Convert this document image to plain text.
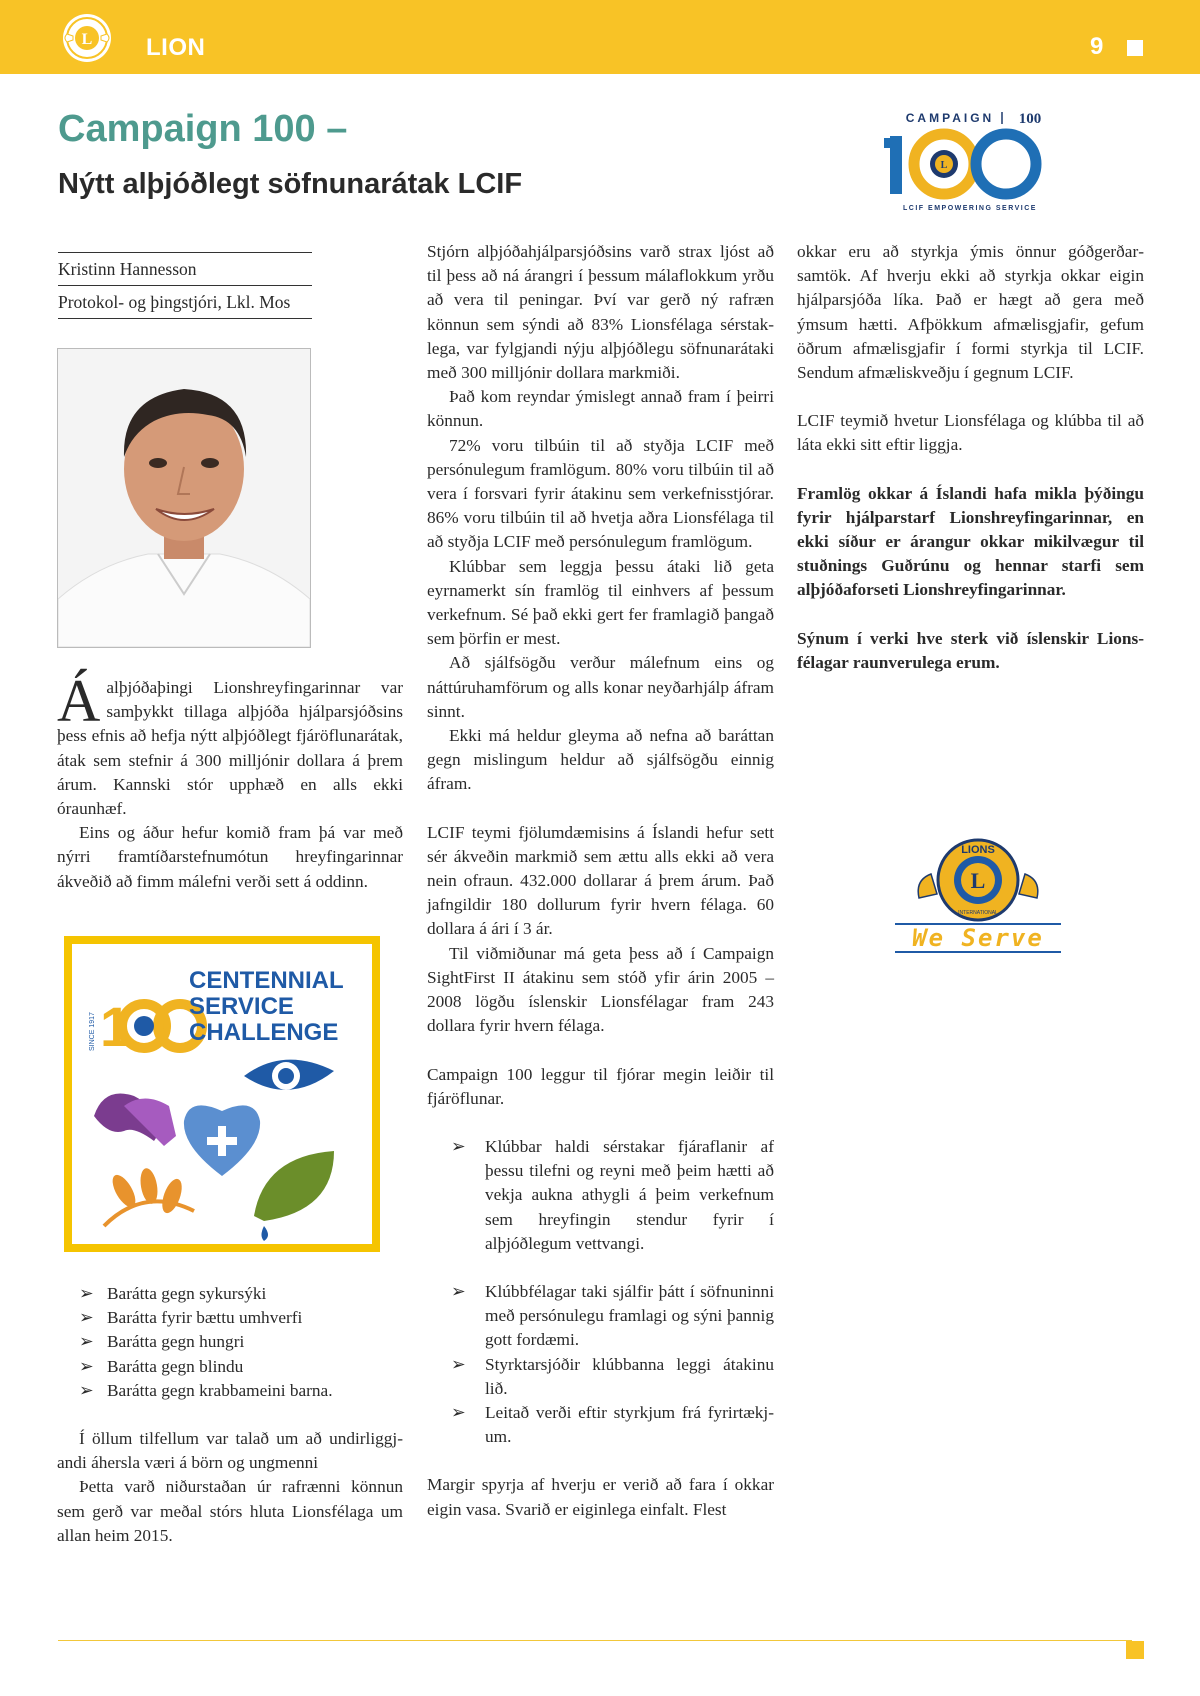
L LION	9
Campaign 100 –
Nýtt alþjóðlegt söfnunarátak LCIF
CAMPAIGN 100
L
LCIF EMPOWERING SERVICE
Kristinn Hannesson
Protokol- og þingstjóri, Lkl. Mos

Áalþjóðaþingi Lionshreyfingarinnar var samþykkt tillaga alþjóða hjálparsjóðsins þess efnis að hefja nýtt alþjóðlegt fjáröflunarátak, átak sem stefnir á 300 milljónir dollara á þrem árum. Kannski stór upphæð en alls ekki óraunhæf.

Eins og áður hefur komið fram þá var með nýrri framtíðarstefnumótun hreyfingarinnar ákveðið að fimm málefni verði sett á oddinn.

SINCE 1917 1
CENTENNIAL
SERVICE
CHALLENGE
➢ Barátta gegn sykursýki
➢ Barátta fyrir bættu umhverfi
➢ Barátta gegn hungri
➢ Barátta gegn blindu
➢ Barátta gegn krabbameini barna.

Í öllum tilfellum var talað um að undirliggjandi áhersla væri á börn og ungmenni

Þetta varð niðurstaðan úr rafrænni könnun sem gerð var meðal stórs hluta Lionsfélaga um allan heim 2015.

Stjórn alþjóðahjálparsjóðsins varð strax ljóst að til þess að ná árangri í þessum málaflokkum yrðu að vera til peningar. Því var gerð ný rafræn könnun sem sýndi að 83% Lionsfélaga sérstaklega, var fylgjandi nýju alþjóðlegu söfnunarátaki með 300 milljónir dollara markmiði.

Það kom reyndar ýmislegt annað fram í þeirri könnun.

72% voru tilbúin til að styðja LCIF með persónulegum framlögum. 80% voru tilbúin til að vera í forsvari fyrir átakinu sem verkefnisstjórar. 86% voru tilbúin til að hvetja aðra Lionsfélaga til að styðja LCIF með persónulegum framlögum.

Klúbbar sem leggja þessu átaki lið geta eyrnamerkt sín framlög til einhvers af þessum verkefnum. Sé það ekki gert fer framlagið þangað sem þörfin er mest.

Að sjálfsögðu verður málefnum eins og náttúruhamförum og alls konar neyðarhjálp áfram sinnt.

Ekki má heldur gleyma að nefna að baráttan gegn mislingum heldur að sjálfsögðu einnig áfram.

LCIF teymi fjölumdæmisins á Íslandi hefur sett sér ákveðin markmið sem ættu alls ekki að vera nein ofraun. 432.000 dollarar á þrem árum. Það jafngildir 180 dollurum fyrir hvern félaga. 60 dollara á ári í 3 ár.

Til viðmiðunar má geta þess að í Campaign SightFirst II átakinu sem stóð yfir árin 2005 – 2008 lögðu íslenskir Lionsfélagar fram 243 dollara fyrir hvern félaga.

Campaign 100 leggur til fjórar megin leiðir til fjáröflunar.

➢ Klúbbar haldi sérstakar fjáraflanir af þessu tilefni og reyni með þeim hætti að vekja aukna athygli á þeim verkefnum sem hreyfingin stendur fyrir í alþjóðlegum vettvangi.
➢ Klúbbfélagar taki sjálfir þátt í söfnuninni með persónulegu framlagi og sýni þannig gott fordæmi.
➢ Styrktarsjóðir klúbbanna leggi átakinu lið.
➢ Leitað verði eftir styrkjum frá fyrirtækjum.

Margir spyrja af hverju er verið að fara í okkar eigin vasa. Svarið er eiginlega einfalt. Flest

okkar eru að styrkja ýmis önnur góðgerðarsamtök. Af hverju ekki að styrkja okkar eigin hjálparsjóða líka. Það er hægt að gera með ýmsum hætti. Afþökkum afmælisgjafir, gefum öðrum afmælisgjafir í formi styrkja til LCIF. Sendum afmæliskveðju í gegnum LCIF.

LCIF teymið hvetur Lionsfélaga og klúbba til að láta ekki sitt eftir liggja.

Framlög okkar á Íslandi hafa mikla þýðingu fyrir hjálparstarf Lionshreyfingarinnar, en ekki síður er árangur okkar mikilvægur til stuðnings Guðrúnu og hennar starfi sem alþjóðaforseti Lionshreyfingarinnar.

Sýnum í verki hve sterk við íslenskir Lionsfélagar raunverulega erum.

L
LIONS
INTERNATIONAL
We Serve
